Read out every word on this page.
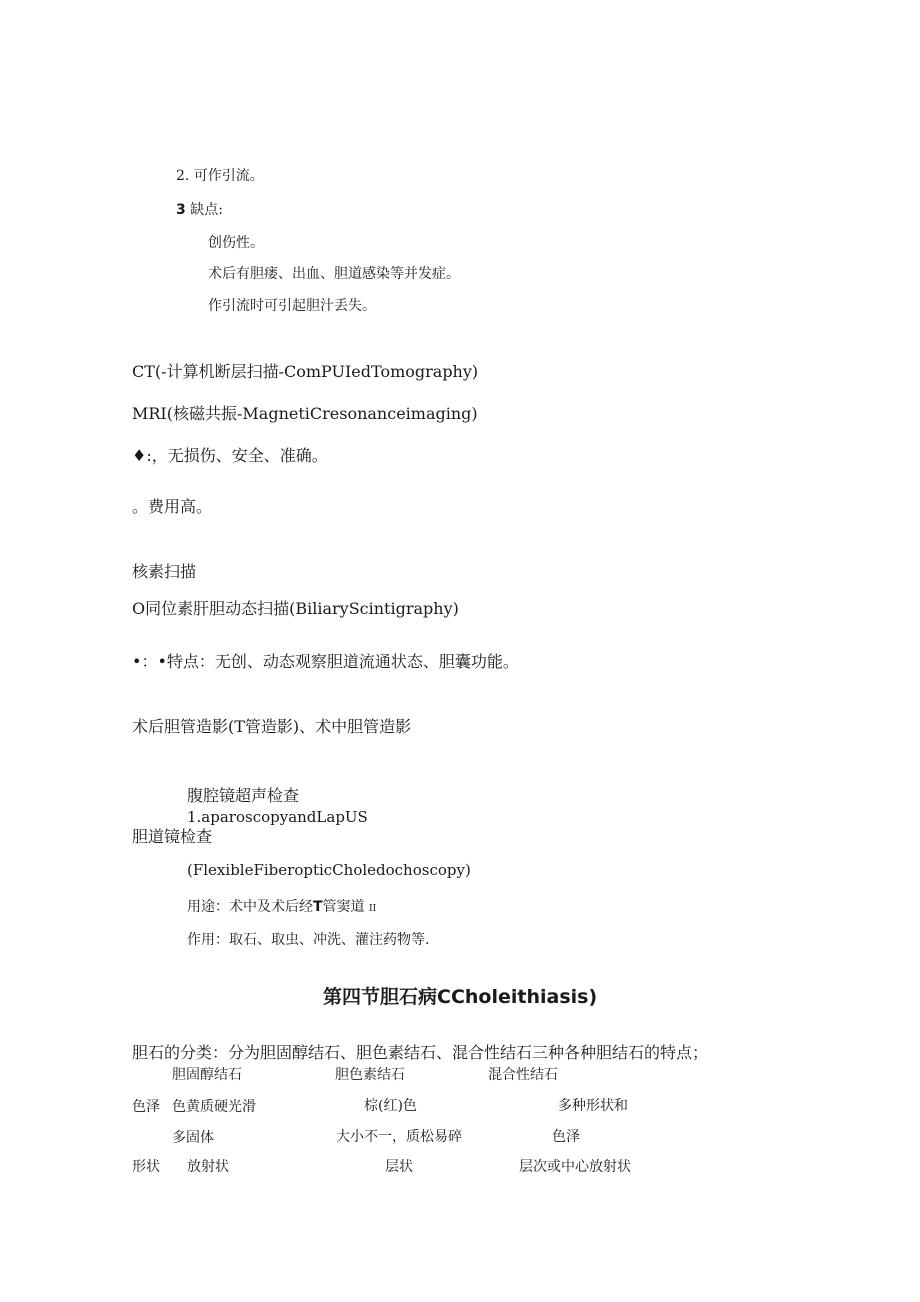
2. 可作引流。
3 缺点:
创伤性。
术后有胆瘘、出血、胆道感染等并发症。
作引流时可引起胆汁丢失。
CT(-计算机断层扫描-ComPUIedTomography)
MRI(核磁共振-MagnetiCresonanceimaging)
♦:，无损伤、安全、准确。
。费用高。
核素扫描
O同位素肝胆动态扫描(BiliaryScintigraphy)
•：•特点：无创、动态观察胆道流通状态、胆囊功能。
术后胆管造影(T管造影)、术中胆管造影
腹腔镜超声检查
1.aparoscopyandLapUS
胆道镜检查
(FlexibleFiberopticCholedochoscopy)
用途：术中及术后经T管窦道 II
作用：取石、取虫、冲洗、灌注药物等.
第四节胆石病CCholeithiasis)
胆石的分类：分为胆固醇结石、胆色素结石、混合性结石三种各种胆结石的特点；
胆固醇结石	胆色素结石	混合性结石
色泽 色黄质硬光滑	棕(红)色	多种形状和
多固体	大小不一，质松易碎	色泽
形状 放射状	层状	层次或中心放射状
